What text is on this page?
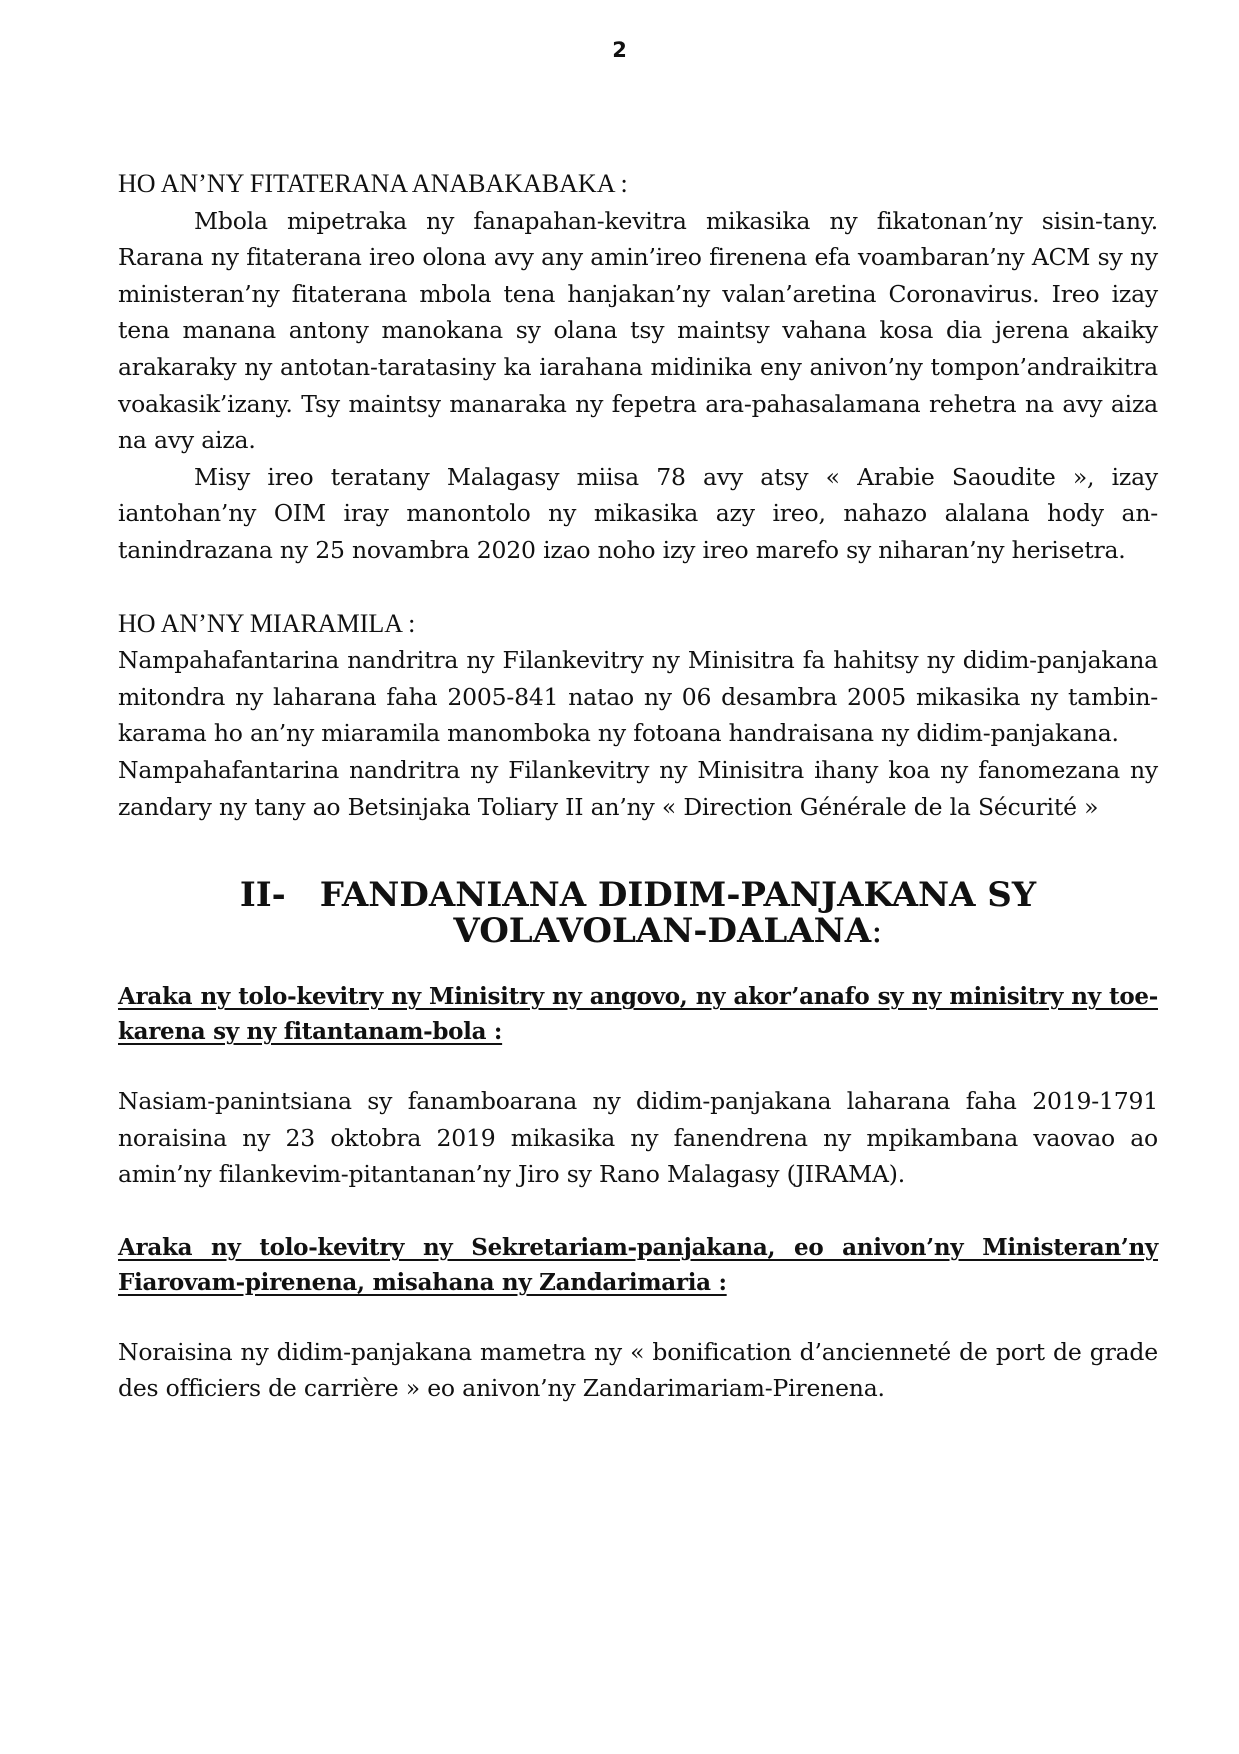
2
HO AN’NY FITATERANA ANABAKABAKA :

Mbola mipetraka ny fanapahan-kevitra mikasika ny fikatonan’ny sisin-tany. Rarana ny fitaterana ireo olona avy any amin’ireo firenena efa voambaran’ny ACM sy ny ministeran’ny fitaterana mbola tena hanjakan’ny valan’aretina Coronavirus. Ireo izay tena manana antony manokana sy olana tsy maintsy vahana kosa dia jerena akaiky arakaraky ny antotan-taratasiny ka iarahana midinika eny anivon’ny tompon’andraikitra voakasik’izany. Tsy maintsy manaraka ny fepetra ara-pahasalamana rehetra na avy aiza na avy aiza.

Misy ireo teratany Malagasy miisa 78 avy atsy « Arabie Saoudite », izay iantohan’ny OIM iray manontolo ny mikasika azy ireo, nahazo alalana hody an-tanindrazana ny 25 novambra 2020 izao noho izy ireo marefo sy niharan’ny herisetra.

HO AN’NY MIARAMILA :

Nampahafantarina nandritra ny Filankevitry ny Minisitra fa hahitsy ny didim-panjakana mitondra ny laharana faha 2005-841 natao ny 06 desambra 2005 mikasika ny tambin-karama ho an’ny miaramila manomboka ny fotoana handraisana ny didim-panjakana.

Nampahafantarina nandritra ny Filankevitry ny Minisitra ihany koa ny fanomezana ny zandary ny tany ao Betsinjaka Toliary II an’ny « Direction Générale de la Sécurité »

II- FANDANIANA DIDIM-PANJAKANA SY
VOLAVOLAN-DALANA:

Araka ny tolo-kevitry ny Minisitry ny angovo, ny akor’anafo sy ny minisitry ny toe-karena sy ny fitantanam-bola :

Nasiam-panintsiana sy fanamboarana ny didim-panjakana laharana faha 2019-1791 noraisina ny 23 oktobra 2019 mikasika ny fanendrena ny mpikambana vaovao ao amin’ny filankevim-pitantanan’ny Jiro sy Rano Malagasy (JIRAMA).

Araka ny tolo-kevitry ny Sekretariam-panjakana, eo anivon’ny Ministeran’ny Fiarovam-pirenena, misahana ny Zandarimaria :

Noraisina ny didim-panjakana mametra ny « bonification d’ancienneté de port de grade des officiers de carrière » eo anivon’ny Zandarimariam-Pirenena.
